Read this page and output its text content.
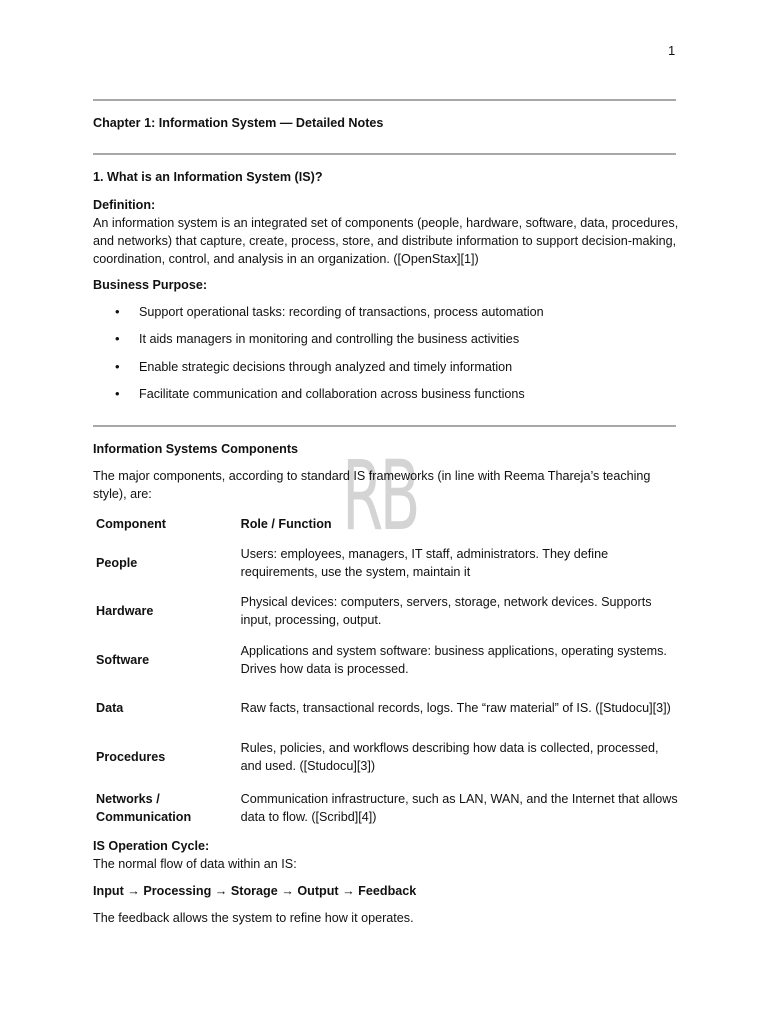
1
Chapter 1: Information System — Detailed Notes
1. What is an Information System (IS)?
Definition:
An information system is an integrated set of components (people, hardware, software, data, procedures, and networks) that capture, create, process, store, and distribute information to support decision-making, coordination, control, and analysis in an organization. ([OpenStax][1])
Business Purpose:
• Support operational tasks: recording of transactions, process automation
• It aids managers in monitoring and controlling the business activities
• Enable strategic decisions through analyzed and timely information
• Facilitate communication and collaboration across business functions
RB
Information Systems Components
The major components, according to standard IS frameworks (in line with Reema Thareja’s teaching style), are:
Component	Role / Function
People	Users: employees, managers, IT staff, administrators. They define requirements, use the system, maintain it
Hardware	Physical devices: computers, servers, storage, network devices. Supports input, processing, output.
Software	Applications and system software: business applications, operating systems. Drives how data is processed.
Data	Raw facts, transactional records, logs. The “raw material” of IS. ([Studocu][3])
Procedures	Rules, policies, and workflows describing how data is collected, processed, and used. ([Studocu][3])
Networks / Communication	Communication infrastructure, such as LAN, WAN, and the Internet that allows data to flow. ([Scribd][4])
IS Operation Cycle:
The normal flow of data within an IS:
Input → Processing → Storage → Output → Feedback
The feedback allows the system to refine how it operates.
